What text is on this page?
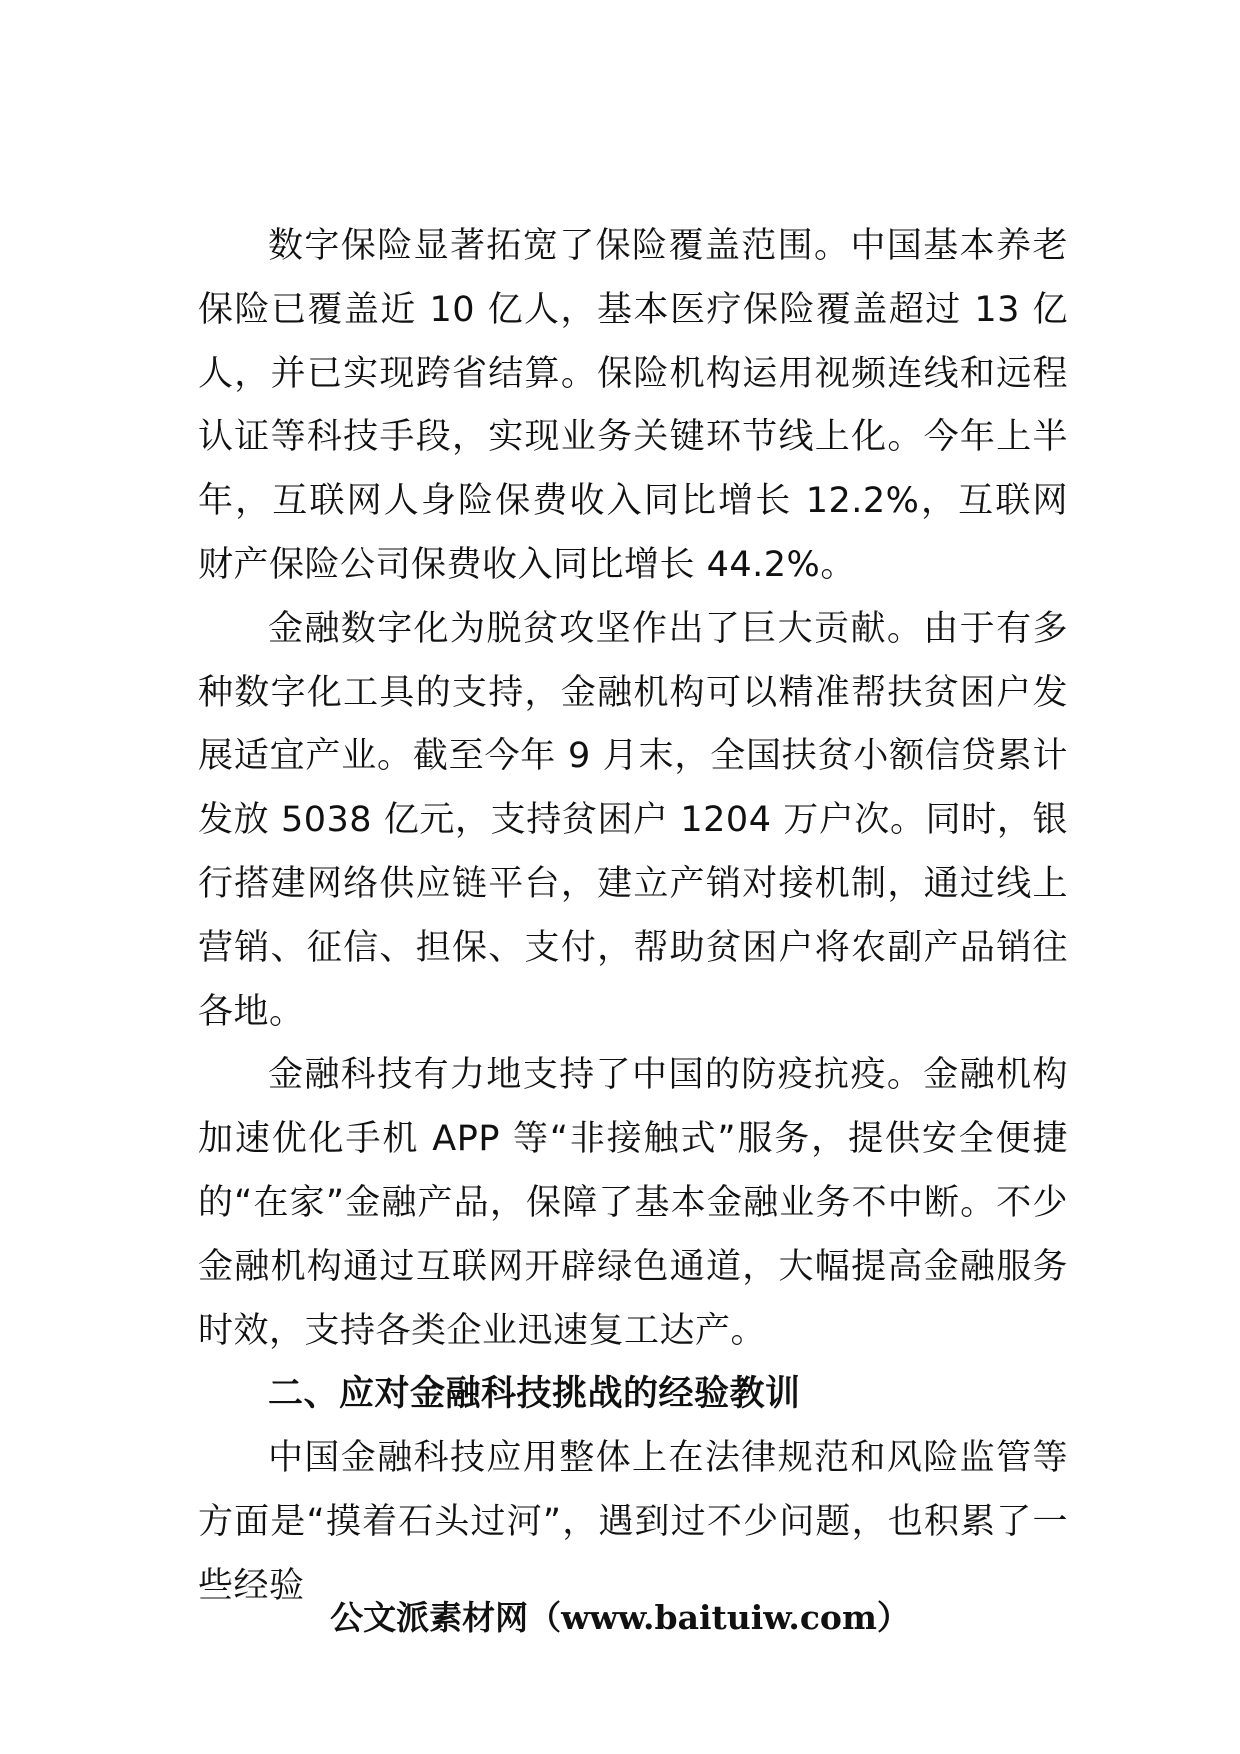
数字保险显著拓宽了保险覆盖范围。中国基本养老保险已覆盖近 10 亿人，基本医疗保险覆盖超过 13 亿人，并已实现跨省结算。保险机构运用视频连线和远程认证等科技手段，实现业务关键环节线上化。今年上半年，互联网人身险保费收入同比增长 12.2%，互联网财产保险公司保费收入同比增长 44.2%。

金融数字化为脱贫攻坚作出了巨大贡献。由于有多种数字化工具的支持，金融机构可以精准帮扶贫困户发展适宜产业。截至今年 9 月末，全国扶贫小额信贷累计发放 5038 亿元，支持贫困户 1204 万户次。同时，银行搭建网络供应链平台，建立产销对接机制，通过线上营销、征信、担保、支付，帮助贫困户将农副产品销往各地。

金融科技有力地支持了中国的防疫抗疫。金融机构加速优化手机 APP 等“非接触式”服务，提供安全便捷的“在家”金融产品，保障了基本金融业务不中断。不少金融机构通过互联网开辟绿色通道，大幅提高金融服务时效，支持各类企业迅速复工达产。

二、应对金融科技挑战的经验教训

中国金融科技应用整体上在法律规范和风险监管等方面是“摸着石头过河”，遇到过不少问题，也积累了一些经验

公文派素材网（www.baituiw.com）
